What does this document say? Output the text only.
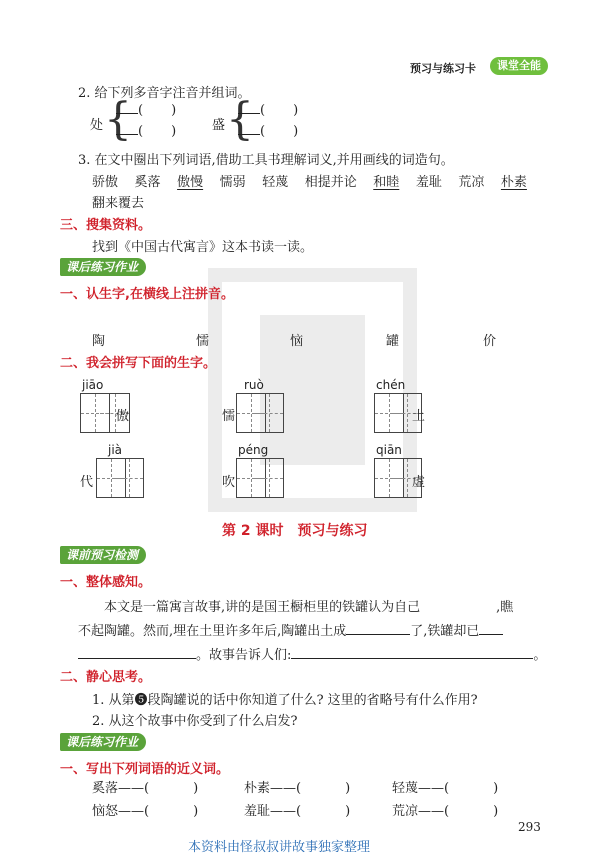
预习与练习卡	课堂全能
2. 给下列多音字注音并组词。
处 { ( )
( )	盛 { ( )
( )
3. 在文中圈出下列词语,借助工具书理解词义,并用画线的词造句。
骄傲 奚落 傲慢 懦弱 轻蔑 相提并论 和睦 羞耻 荒凉 朴素
翻来覆去
三、搜集资料。
找到《中国古代寓言》这本书读一读。
课后练习作业
一、认生字,在横线上注拼音。
陶	懦	恼	罐	价
二、我会拼写下面的生字。
jiāo
傲
ruò
懦
chén
土
jià
代
péng
吹
qiān
虚
第 2 课时　预习与练习
课前预习检测
一、整体感知。
本文是一篇寓言故事,讲的是国王橱柜里的铁罐认为自己	,瞧
不起陶罐。然而,埋在土里许多年后,陶罐出土成	了,铁罐却已
。故事告诉人们:	。
二、静心思考。
1. 从第❺段陶罐说的话中你知道了什么? 这里的省略号有什么作用?
2. 从这个故事中你受到了什么启发?
课后练习作业
一、写出下列词语的近义词。
奚落——(	)	朴素——(	)	轻蔑——(	)
恼怒——(	)	羞耻——(	)	荒凉——(	)
293
本资料由怪叔叔讲故事独家整理
